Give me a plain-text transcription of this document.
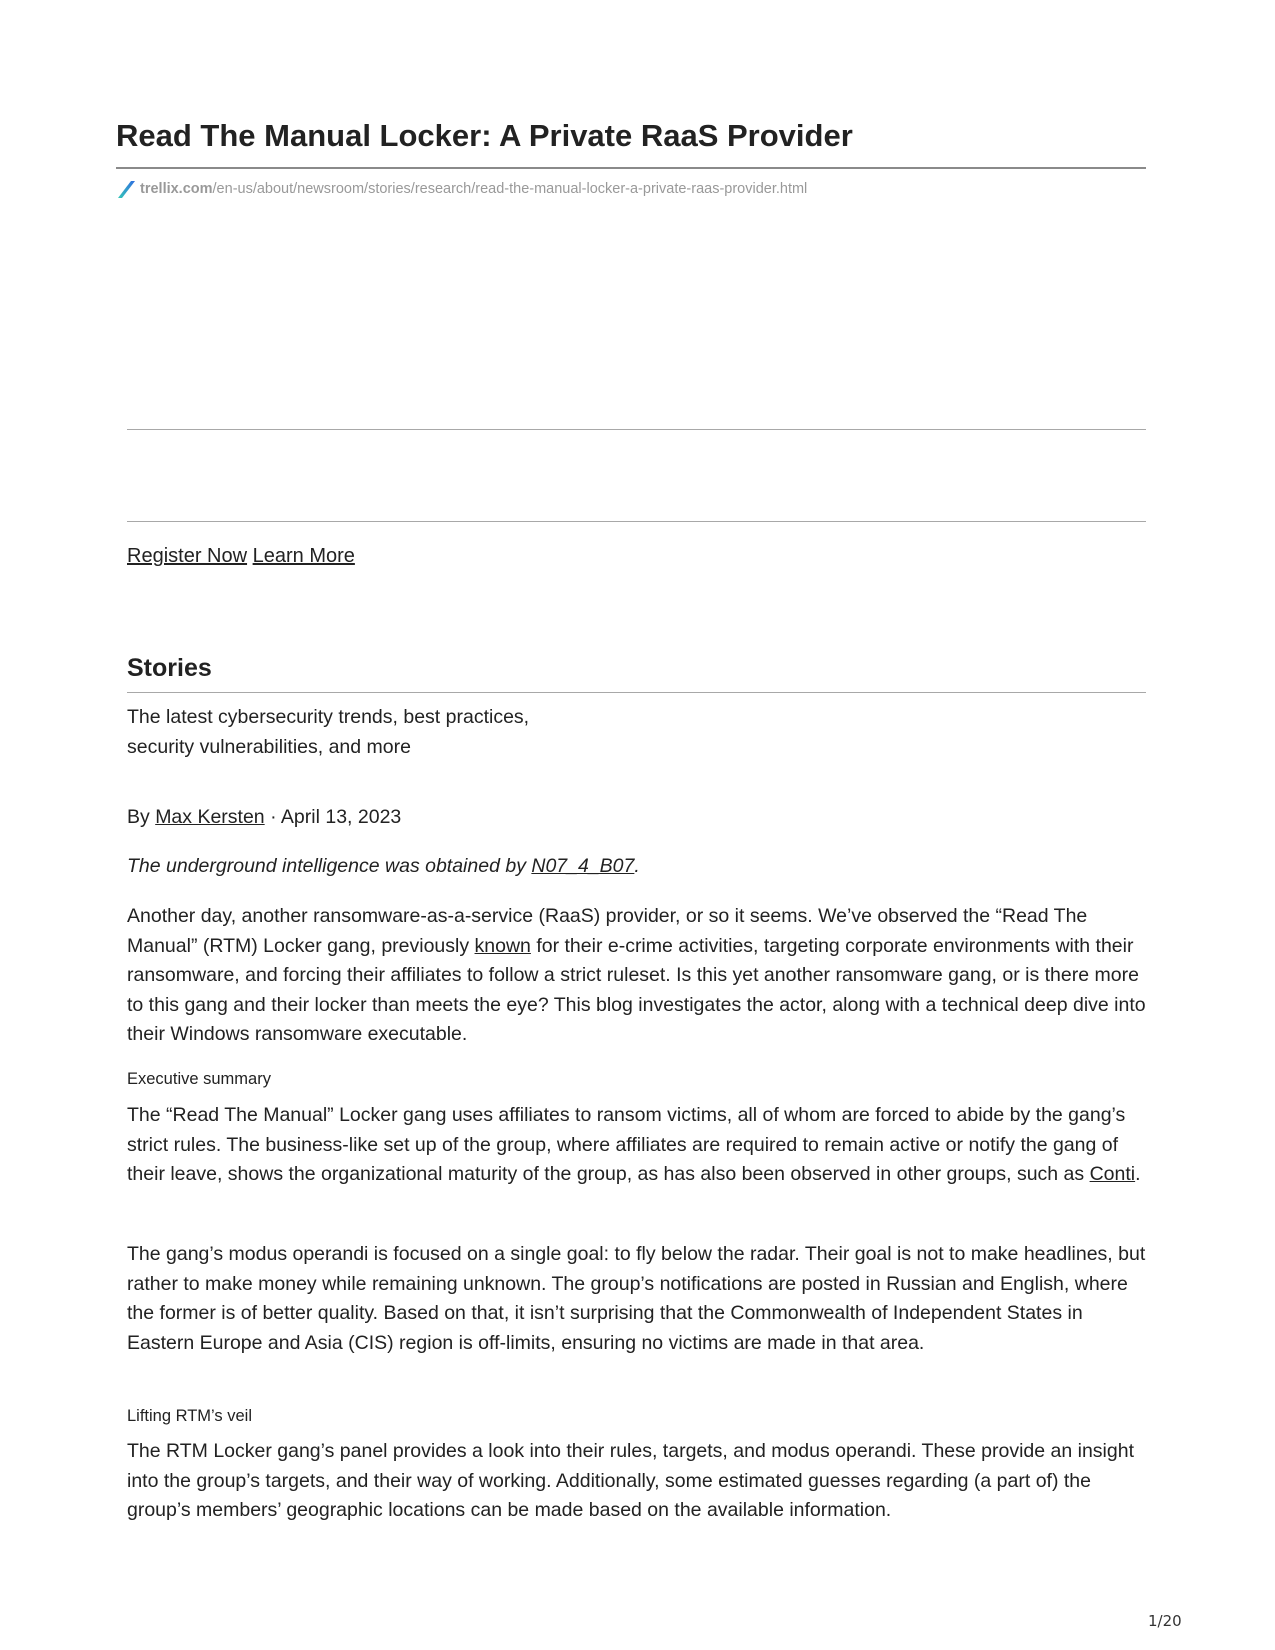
Read The Manual Locker: A Private RaaS Provider
trellix.com /en-us/about/newsroom/stories/research/read-the-manual-locker-a-private-raas-provider.html
Register Now Learn More
Stories

The latest cybersecurity trends, best practices,

security vulnerabilities, and more

By Max Kersten · April 13, 2023
The underground intelligence was obtained by N07_4_B07.

Another day, another ransomware-as-a-service (RaaS) provider, or so it seems. We’ve observed the “Read The Manual” (RTM) Locker gang, previously known for their e-crime activities, targeting corporate environments with their ransomware, and forcing their affiliates to follow a strict ruleset. Is this yet another ransomware gang, or is there more to this gang and their locker than meets the eye? This blog investigates the actor, along with a technical deep dive into their Windows ransomware executable.

Executive summary

The “Read The Manual” Locker gang uses affiliates to ransom victims, all of whom are forced to abide by the gang’s strict rules. The business-like set up of the group, where affiliates are required to remain active or notify the gang of their leave, shows the organizational maturity of the group, as has also been observed in other groups, such as Conti.

The gang’s modus operandi is focused on a single goal: to fly below the radar. Their goal is not to make headlines, but rather to make money while remaining unknown. The group’s notifications are posted in Russian and English, where the former is of better quality. Based on that, it isn’t surprising that the Commonwealth of Independent States in Eastern Europe and Asia (CIS) region is off-limits, ensuring no victims are made in that area.

Lifting RTM’s veil

The RTM Locker gang’s panel provides a look into their rules, targets, and modus operandi. These provide an insight into the group’s targets, and their way of working. Additionally, some estimated guesses regarding (a part of) the group’s members’ geographic locations can be made based on the available information.

1/20
